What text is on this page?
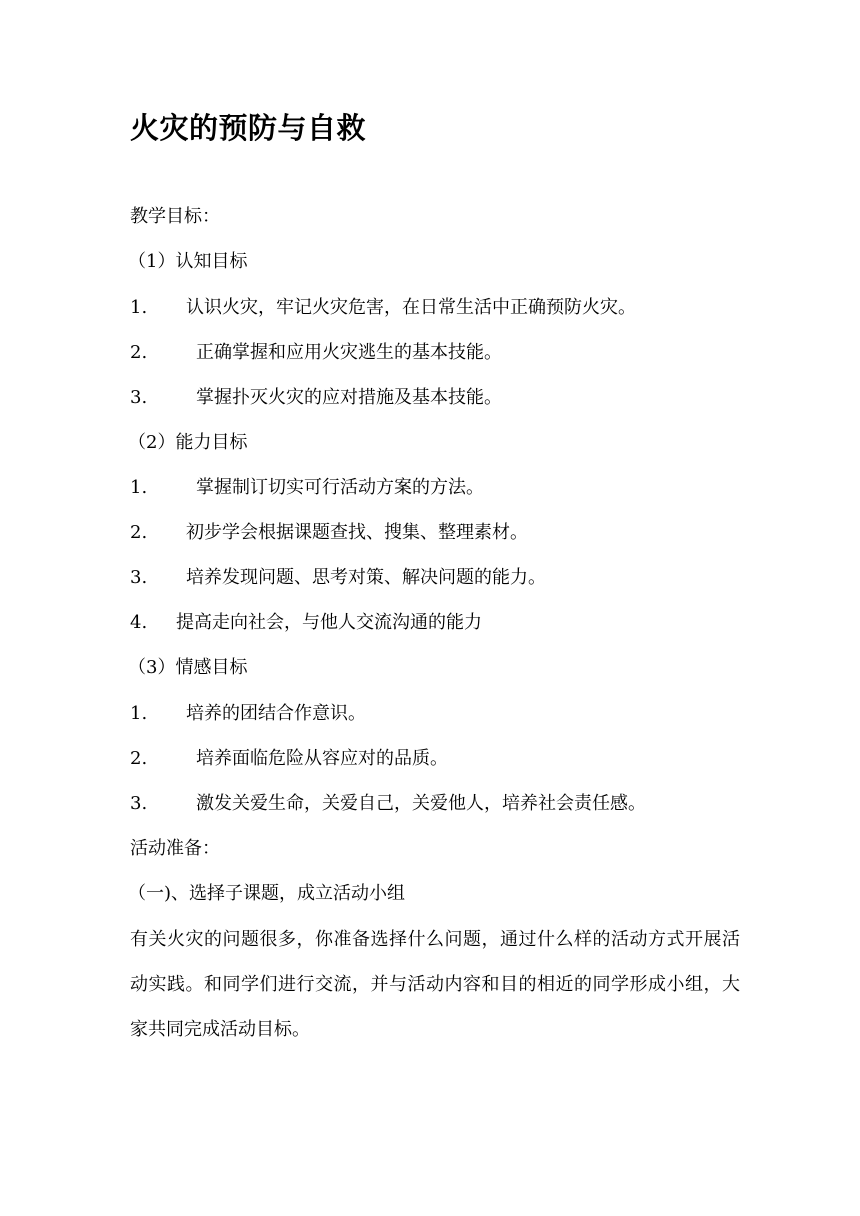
火灾的预防与自救

教学目标：

（1）认知目标

1. 认识火灾，牢记火灾危害，在日常生活中正确预防火灾。

2.	正确掌握和应用火灾逃生的基本技能。

3.	掌握扑灭火灾的应对措施及基本技能。

（2）能力目标

1.	掌握制订切实可行活动方案的方法。

2. 初步学会根据课题查找、搜集、整理素材。

3. 培养发现问题、思考对策、解决问题的能力。

4. 提高走向社会，与他人交流沟通的能力

（3）情感目标

1. 培养的团结合作意识。

2.	培养面临危险从容应对的品质。

3.	激发关爱生命，关爱自己，关爱他人，培养社会责任感。

活动准备：

（一)、选择子课题，成立活动小组

有关火灾的问题很多，你准备选择什么问题，通过什么样的活动方式开展活动实践。和同学们进行交流，并与活动内容和目的相近的同学形成小组，大家共同完成活动目标。
